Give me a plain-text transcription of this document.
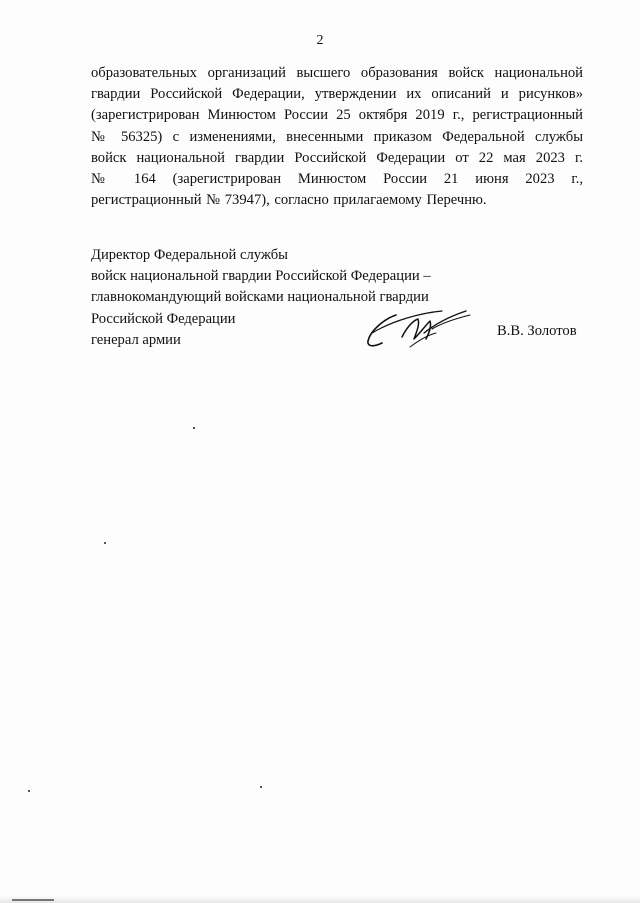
2

образовательных организаций высшего образования войск национальной
гвардии Российской Федерации, утверждении их описаний и рисунков»
(зарегистрирован Минюстом России 25 октября 2019 г., регистрационный
№ 56325) с изменениями, внесенными приказом Федеральной службы
войск национальной гвардии Российской Федерации от 22 мая 2023 г.
№ 164 (зарегистрирован Минюстом России 21 июня 2023 г.,
регистрационный № 73947), согласно прилагаемому Перечню.

Директор Федеральной службы
войск национальной гвардии Российской Федерации –
главнокомандующий войсками национальной гвардии
Российской Федерации
генерал армии
В.В. Золотов
